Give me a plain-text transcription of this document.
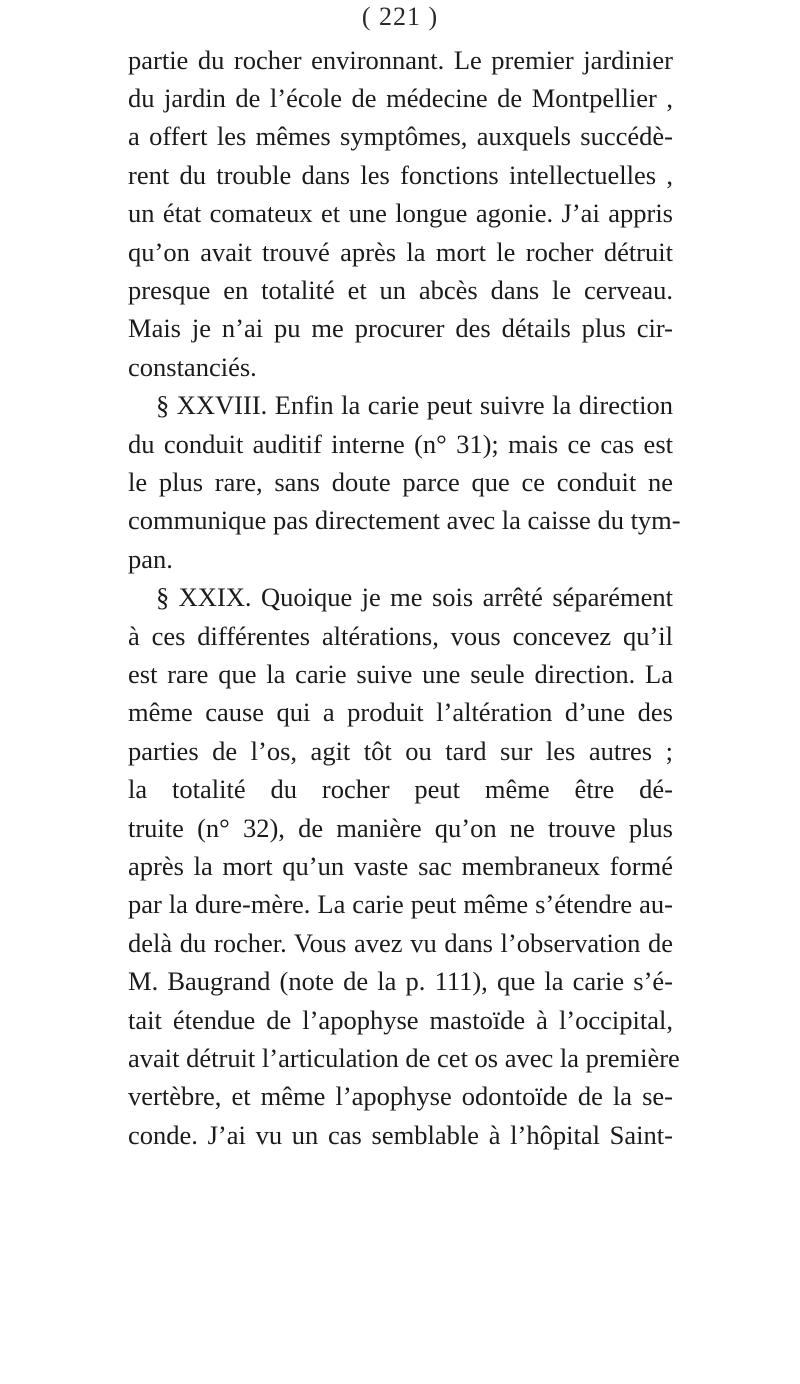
( 221 )
partie du rocher environnant. Le premier jardinier
du jardin de l’école de médecine de Montpellier ,
a offert les mêmes symptômes, auxquels succédè-
rent du trouble dans les fonctions intellectuelles ,
un état comateux et une longue agonie. J’ai appris
qu’on avait trouvé après la mort le rocher détruit
presque en totalité et un abcès dans le cerveau.
Mais je n’ai pu me procurer des détails plus cir-
constanciés.
§ XXVIII. Enfin la carie peut suivre la direction
du conduit auditif interne (n° 31); mais ce cas est
le plus rare, sans doute parce que ce conduit ne
communique pas directement avec la caisse du tym-
pan.
§ XXIX. Quoique je me sois arrêté séparément
à ces différentes altérations, vous concevez qu’il
est rare que la carie suive une seule direction. La
même cause qui a produit l’altération d’une des
parties de l’os, agit tôt ou tard sur les autres ;
la totalité du rocher peut même être dé-
truite (n° 32), de manière qu’on ne trouve plus
après la mort qu’un vaste sac membraneux formé
par la dure-mère. La carie peut même s’étendre au-
delà du rocher. Vous avez vu dans l’observation de
M. Baugrand (note de la p. 111), que la carie s’é-
tait étendue de l’apophyse mastoïde à l’occipital,
avait détruit l’articulation de cet os avec la première
vertèbre, et même l’apophyse odontoïde de la se-
conde. J’ai vu un cas semblable à l’hôpital Saint-
